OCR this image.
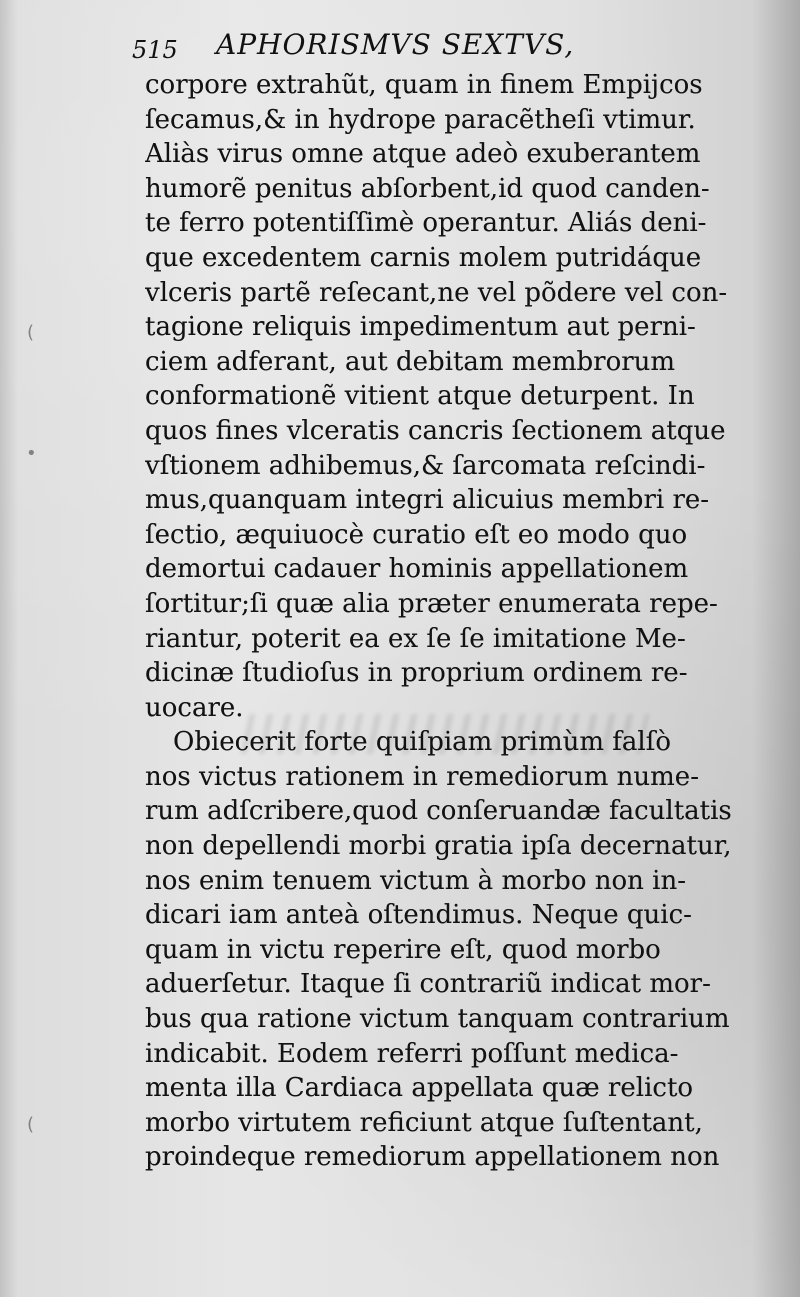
•
(
(
515 APHORISMVS SEXTVS,
corpore extrahũt, quam in finem Empijcos
ſecamus,& in hydrope paracẽtheſi vtimur.
Aliàs virus omne atque adeò exuberantem
humorẽ penitus abſorbent,id quod canden-
te ferro potentiſſimè operantur. Aliás deni-
que excedentem carnis molem putridáque
vlceris partẽ reſecant,ne vel põdere vel con-
tagione reliquis impedimentum aut perni-
ciem adferant, aut debitam membrorum
conformationẽ vitient atque deturpent. In
quos fines vlceratis cancris ſectionem atque
vſtionem adhibemus,& ſarcomata reſcindi-
mus,quanquam integri alicuius membri re-
ſectio, æquiuocè curatio eſt eo modo quo
demortui cadauer hominis appellationem
ſortitur;ſi quæ alia præter enumerata repe-
riantur, poterit ea ex ſe ſe imitatione Me-
dicinæ ſtudioſus in proprium ordinem re-
uocare.
Obiecerit forte quiſpiam primùm falſò
nos victus rationem in remediorum nume-
rum adſcribere,quod conſeruandæ facultatis
non depellendi morbi gratia ipſa decernatur,
nos enim tenuem victum à morbo non in-
dicari iam anteà oſtendimus. Neque quic-
quam in victu reperire eſt, quod morbo
aduerſetur. Itaque ſi contrariũ indicat mor-
bus qua ratione victum tanquam contrarium
indicabit. Eodem referri poſſunt medica-
menta illa Cardiaca appellata quæ relicto
morbo virtutem reficiunt atque ſuſtentant,
proindeque remediorum appellationem non
